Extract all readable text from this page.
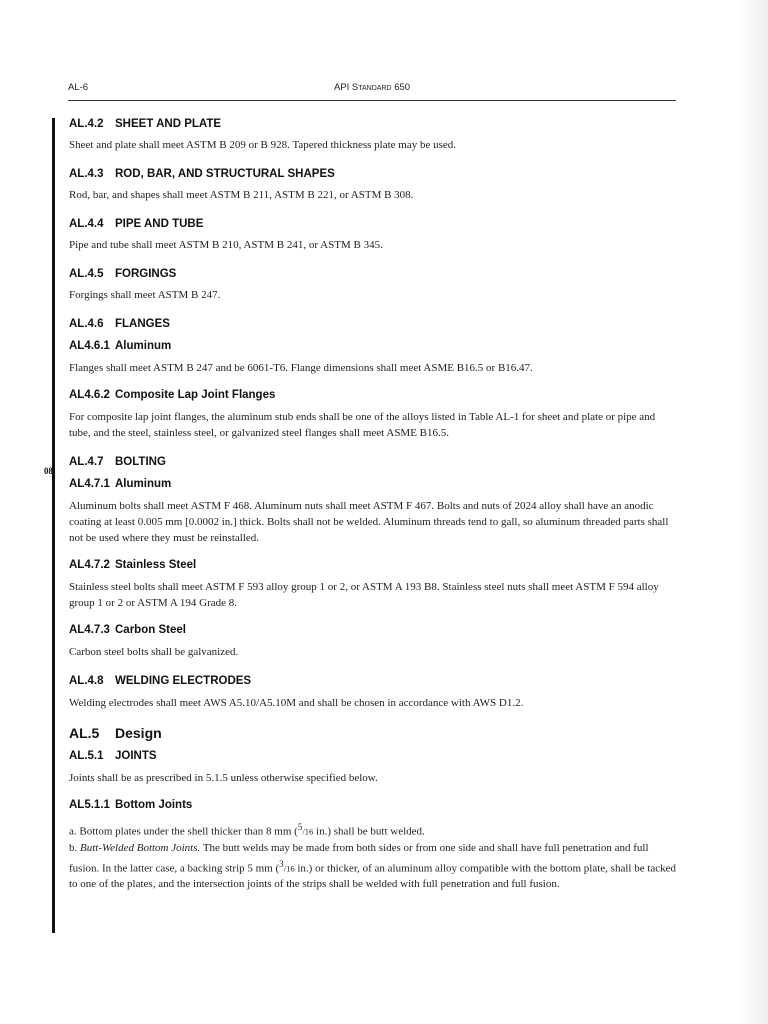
AL-6	API Standard 650
08
AL.4.2 SHEET AND PLATE
Sheet and plate shall meet ASTM B 209 or B 928. Tapered thickness plate may be used.
AL.4.3 ROD, BAR, AND STRUCTURAL SHAPES
Rod, bar, and shapes shall meet ASTM B 211, ASTM B 221, or ASTM B 308.
AL.4.4 PIPE AND TUBE
Pipe and tube shall meet ASTM B 210, ASTM B 241, or ASTM B 345.
AL.4.5 FORGINGS
Forgings shall meet ASTM B 247.
AL.4.6 FLANGES
AL4.6.1 Aluminum
Flanges shall meet ASTM B 247 and be 6061-T6. Flange dimensions shall meet ASME B16.5 or B16.47.
AL4.6.2 Composite Lap Joint Flanges
For composite lap joint flanges, the aluminum stub ends shall be one of the alloys listed in Table AL-1 for sheet and plate or pipe and tube, and the steel, stainless steel, or galvanized steel flanges shall meet ASME B16.5.
AL.4.7 BOLTING
AL4.7.1 Aluminum
Aluminum bolts shall meet ASTM F 468. Aluminum nuts shall meet ASTM F 467. Bolts and nuts of 2024 alloy shall have an anodic coating at least 0.005 mm [0.0002 in.] thick. Bolts shall not be welded. Aluminum threads tend to gall, so aluminum threaded parts shall not be used where they must be reinstalled.
AL4.7.2 Stainless Steel
Stainless steel bolts shall meet ASTM F 593 alloy group 1 or 2, or ASTM A 193 B8. Stainless steel nuts shall meet ASTM F 594 alloy group 1 or 2 or ASTM A 194 Grade 8.
AL4.7.3 Carbon Steel
Carbon steel bolts shall be galvanized.
AL.4.8 WELDING ELECTRODES
Welding electrodes shall meet AWS A5.10/A5.10M and shall be chosen in accordance with AWS D1.2.
AL.5 Design
AL.5.1 JOINTS
Joints shall be as prescribed in 5.1.5 unless otherwise specified below.
AL5.1.1 Bottom Joints
a. Bottom plates under the shell thicker than 8 mm ($^5$/16 in.) shall be butt welded.
b. Butt-Welded Bottom Joints. The butt welds may be made from both sides or from one side and shall have full penetration and full fusion. In the latter case, a backing strip 5 mm ($^3$/16 in.) or thicker, of an aluminum alloy compatible with the bottom plate, shall be tacked to one of the plates, and the intersection joints of the strips shall be welded with full penetration and full fusion.
